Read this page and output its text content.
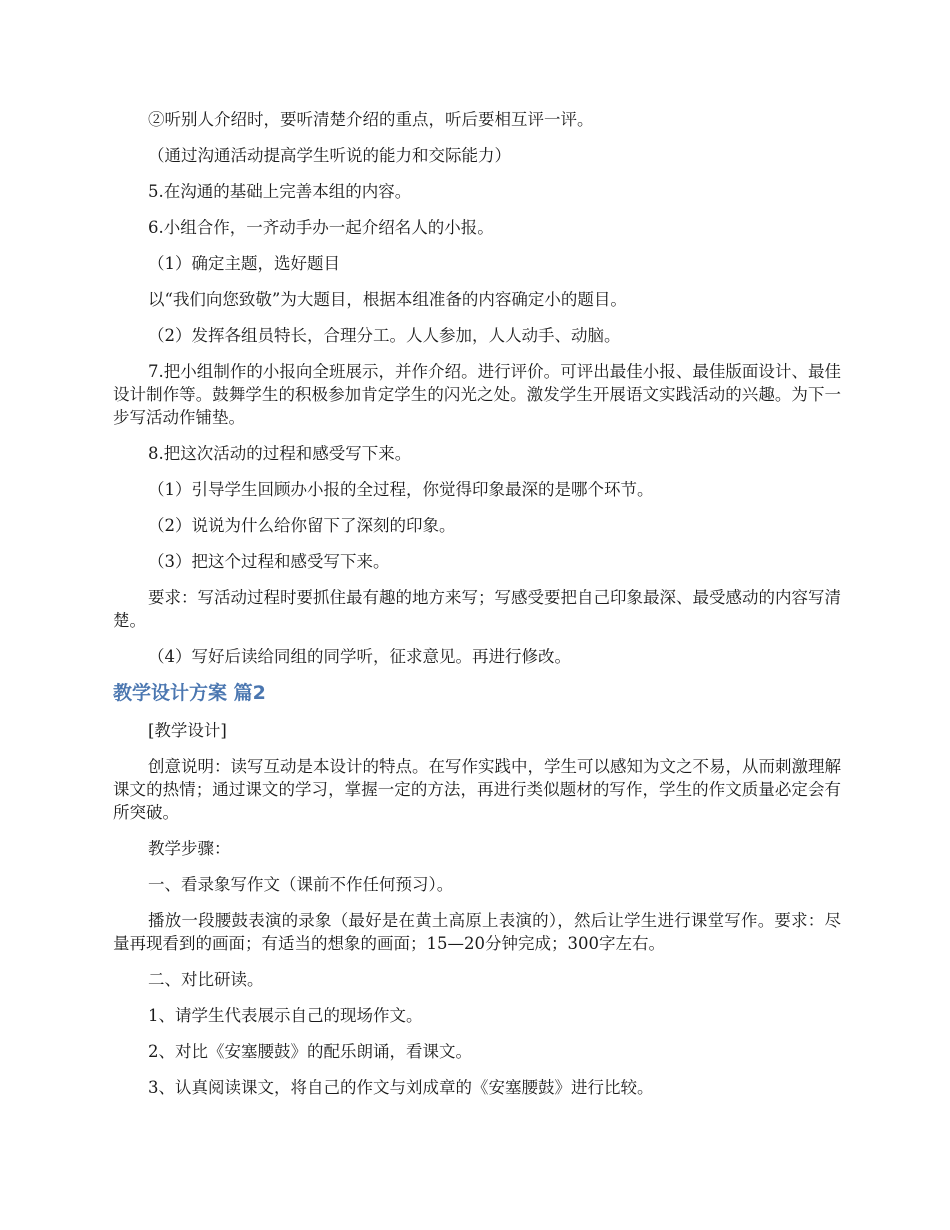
②听别人介绍时，要听清楚介绍的重点，听后要相互评一评。

（通过沟通活动提高学生听说的能力和交际能力）

5.在沟通的基础上完善本组的内容。

6.小组合作，一齐动手办一起介绍名人的小报。

（1）确定主题，选好题目

以“我们向您致敬”为大题目，根据本组准备的内容确定小的题目。

（2）发挥各组员特长，合理分工。人人参加，人人动手、动脑。

7.把小组制作的小报向全班展示，并作介绍。进行评价。可评出最佳小报、最佳版面设计、最佳设计制作等。鼓舞学生的积极参加肯定学生的闪光之处。激发学生开展语文实践活动的兴趣。为下一步写活动作铺垫。

8.把这次活动的过程和感受写下来。

（1）引导学生回顾办小报的全过程，你觉得印象最深的是哪个环节。

（2）说说为什么给你留下了深刻的印象。

（3）把这个过程和感受写下来。

要求：写活动过程时要抓住最有趣的地方来写；写感受要把自己印象最深、最受感动的内容写清楚。

（4）写好后读给同组的同学听，征求意见。再进行修改。

教学设计方案 篇2

[教学设计]

创意说明：读写互动是本设计的特点。在写作实践中，学生可以感知为文之不易，从而刺激理解课文的热情；通过课文的学习，掌握一定的方法，再进行类似题材的写作，学生的作文质量必定会有所突破。

教学步骤：

一、看录象写作文（课前不作任何预习）。

播放一段腰鼓表演的录象（最好是在黄土高原上表演的），然后让学生进行课堂写作。要求：尽量再现看到的画面；有适当的想象的画面；15—20分钟完成；300字左右。

二、对比研读。

1、请学生代表展示自己的现场作文。

2、对比《安塞腰鼓》的配乐朗诵，看课文。

3、认真阅读课文，将自己的作文与刘成章的《安塞腰鼓》进行比较。
